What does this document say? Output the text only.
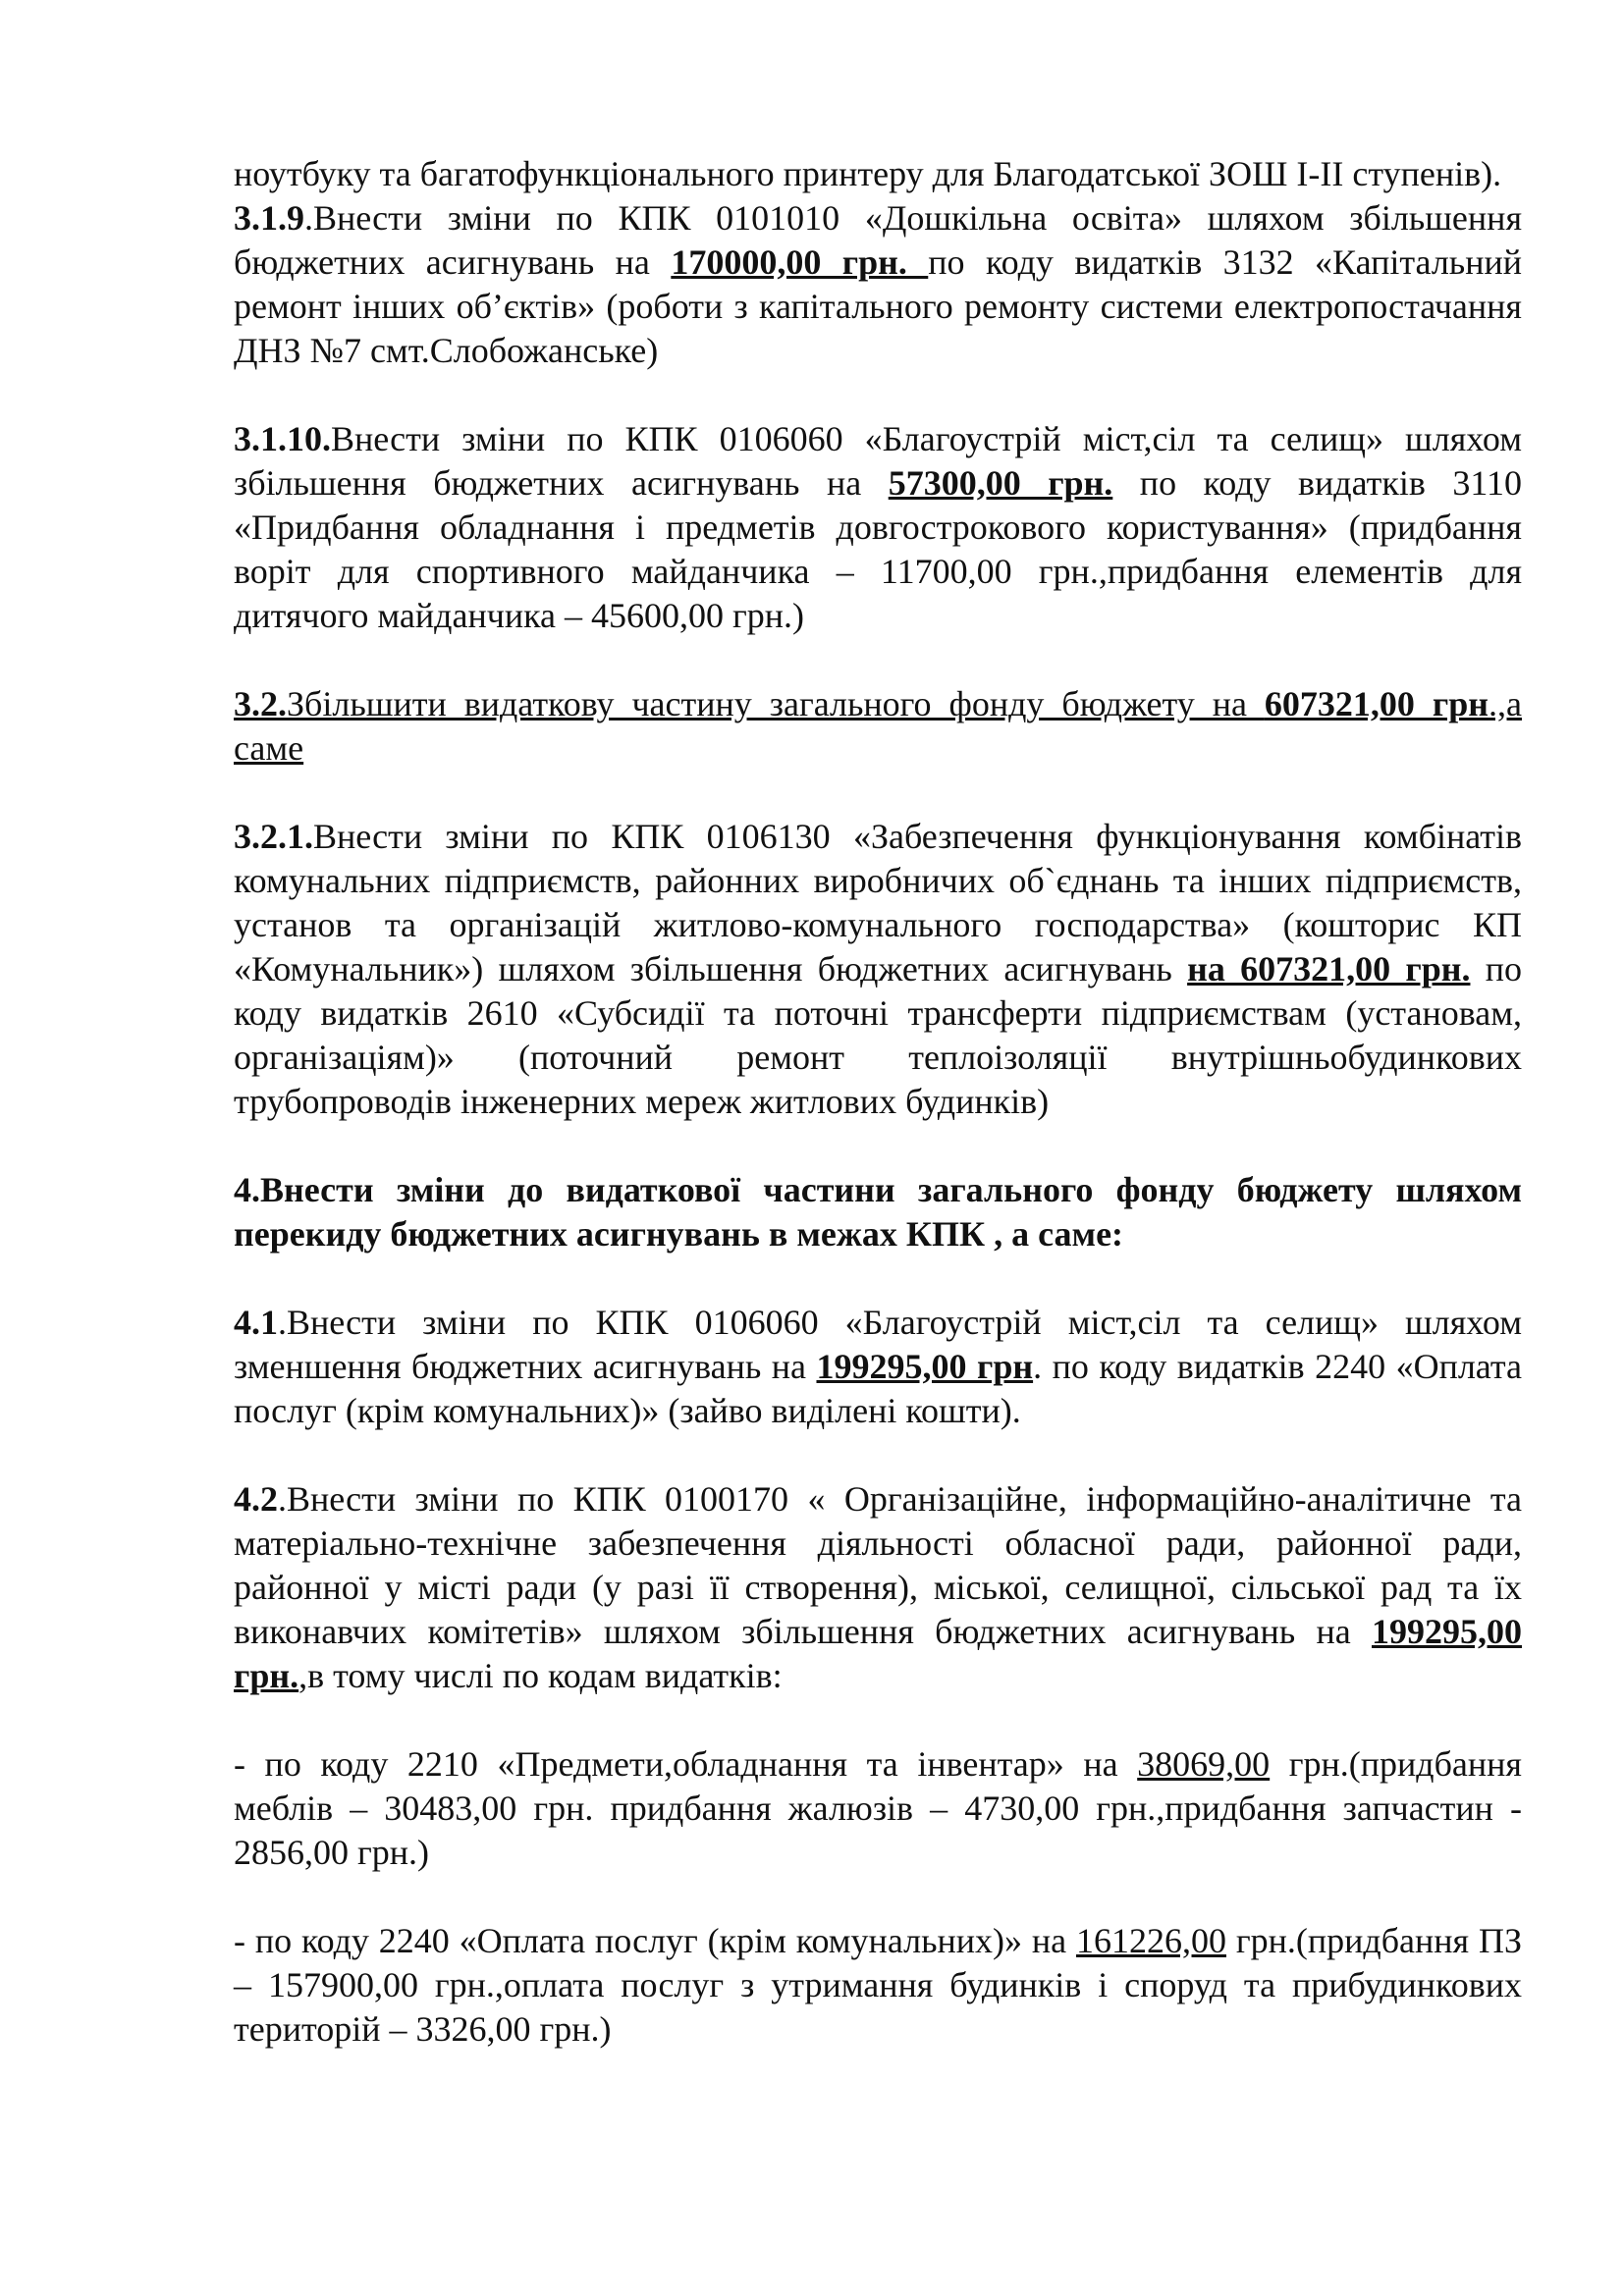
ноутбуку та багатофункціонального принтеру для Благодатської ЗОШ І-ІІ ступенів).

3.1.9.Внести зміни по КПК 0101010 «Дошкільна освіта» шляхом збільшення бюджетних асигнувань на 170000,00 грн. по коду видатків 3132 «Капітальний ремонт інших об’єктів» (роботи з капітального ремонту системи електропостачання ДНЗ №7 смт.Слобожанське)

3.1.10.Внести зміни по КПК 0106060 «Благоустрій міст,сіл та селищ» шляхом збільшення бюджетних асигнувань на 57300,00 грн. по коду видатків 3110 «Придбання обладнання і предметів довгострокового користування» (придбання воріт для спортивного майданчика – 11700,00 грн.,придбання елементів для дитячого майданчика – 45600,00 грн.)

3.2.Збільшити видаткову частину загального фонду бюджету на 607321,00 грн.,а саме

3.2.1.Внести зміни по КПК 0106130 «Забезпечення функціонування комбінатів комунальних підприємств, районних виробничих об`єднань та інших підприємств, установ та організацій житлово-комунального господарства» (кошторис КП «Комунальник») шляхом збільшення бюджетних асигнувань на 607321,00 грн. по коду видатків 2610 «Субсидії та поточні трансферти підприємствам (установам, організаціям)» (поточний ремонт теплоізоляції внутрішньобудинкових трубопроводів інженерних мереж житлових будинків)

4.Внести зміни до видаткової частини загального фонду бюджету шляхом перекиду бюджетних асигнувань в межах КПК , а саме:

4.1.Внести зміни по КПК 0106060 «Благоустрій міст,сіл та селищ» шляхом зменшення бюджетних асигнувань на 199295,00 грн. по коду видатків 2240 «Оплата послуг (крім комунальних)» (зайво виділені кошти).

4.2.Внести зміни по КПК 0100170 « Організаційне, інформаційно-аналітичне та матеріально-технічне забезпечення діяльності обласної ради, районної ради, районної у місті ради (у разі її створення), міської, селищної, сільської рад та їх виконавчих комітетів» шляхом збільшення бюджетних асигнувань на 199295,00 грн.,в тому числі по кодам видатків:

- по коду 2210 «Предмети,обладнання та інвентар» на 38069,00 грн.(придбання меблів – 30483,00 грн. придбання жалюзів – 4730,00 грн.,придбання запчастин - 2856,00 грн.)

- по коду 2240 «Оплата послуг (крім комунальних)» на 161226,00 грн.(придбання ПЗ – 157900,00 грн.,оплата послуг з утримання будинків і споруд та прибудинкових територій – 3326,00 грн.)
